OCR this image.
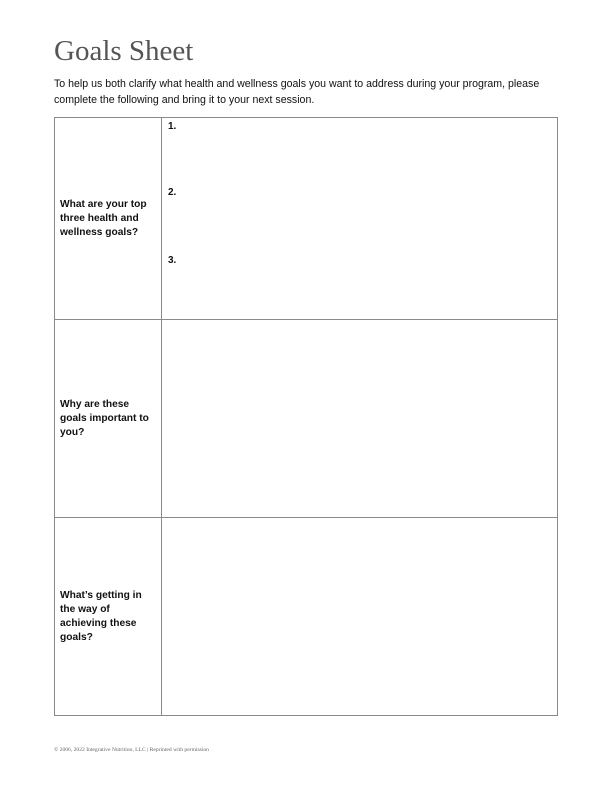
Goals Sheet

To help us both clarify what health and wellness goals you want to address during your program, please complete the following and bring it to your next session.

What are your top three health and wellness goals?	1.
2.
3.

Why are these goals important to you?	

What’s getting in the way of achieving these goals?	

© 2006, 2022 Integrative Nutrition, LLC | Reprinted with permission
